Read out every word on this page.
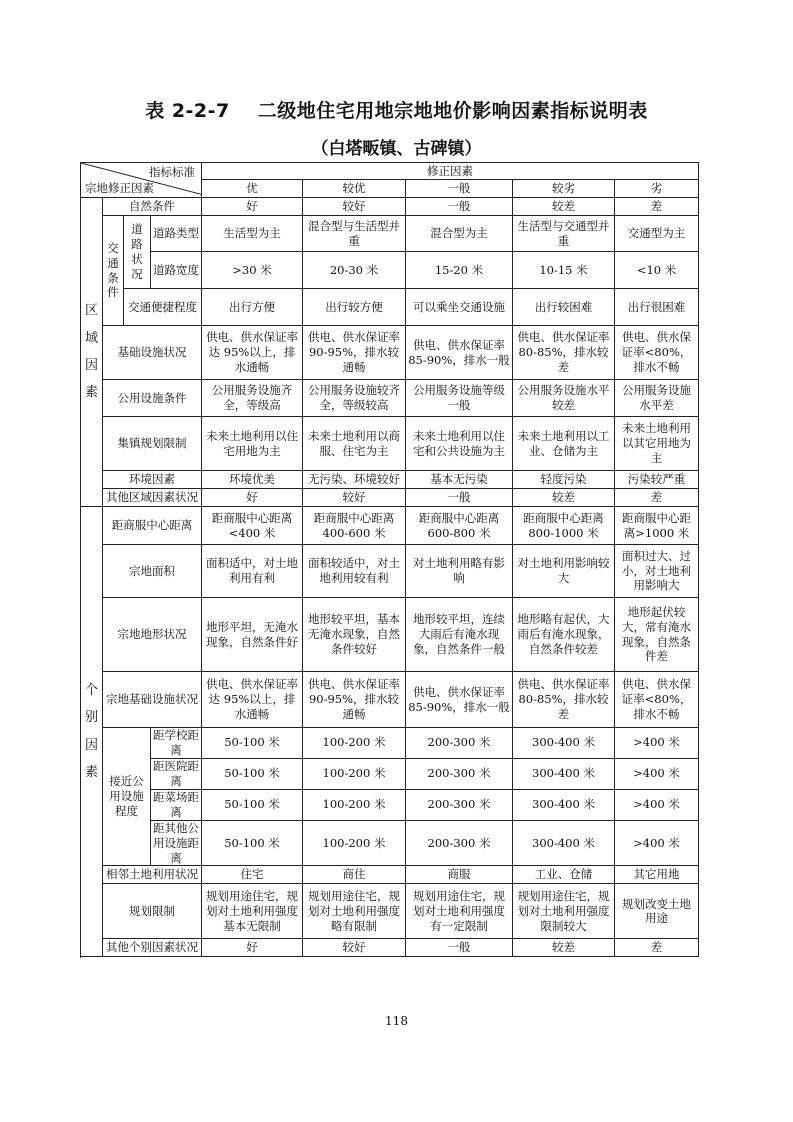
表 2-2-7 二级地住宅用地宗地地价影响因素指标说明表
（白塔畈镇、古碑镇）
指标标准
宗地修正因素				修正因素				
				优	较优	一般	较劣	劣
区
域
因
素	自然条件			好	较好	一般	较差	差
	交通条件	道路状况	道路类型	生活型为主	混合型与生活型并重	混合型为主	生活型与交通型并重	交通型为主
			道路宽度	>30 米	20-30 米	15-20 米	10-15 米	<10 米
		交通便捷程度		出行方便	出行较方便	可以乘坐交通设施	出行较困难	出行很困难
	基础设施状况			供电、供水保证率达 95%以上，排水通畅	供电、供水保证率 90-95%，排水较通畅	供电、供水保证率 85-90%，排水一般	供电、供水保证率 80-85%，排水较差	供电、供水保证率<80%，排水不畅
	公用设施条件			公用服务设施齐全，等级高	公用服务设施较齐全，等级较高	公用服务设施等级一般	公用服务设施水平较差	公用服务设施水平差
	集镇规划限制			未来土地利用以住宅用地为主	未来土地利用以商服、住宅为主	未来土地利用以住宅和公共设施为主	未来土地利用以工业、仓储为主	未来土地利用以其它用地为主
	环境因素			环境优美	无污染、环境较好	基本无污染	轻度污染	污染较严重
	其他区域因素状况			好	较好	一般	较差	差

个
别
因
素	距商服中心距离			距商服中心距离<400 米	距商服中心距离 400-600 米	距商服中心距离 600-800 米	距商服中心距离 800-1000 米	距商服中心距离>1000 米
	宗地面积			面积适中，对土地利用有利	面积较适中，对土地利用较有利	对土地利用略有影响	对土地利用影响较大	面积过大、过小，对土地利用影响大
	宗地地形状况			地形平坦，无淹水现象，自然条件好	地形较平坦，基本无淹水现象，自然条件较好	地形较平坦，连续大雨后有淹水现象，自然条件一般	地形略有起伏，大雨后有淹水现象，自然条件较差	地形起伏较大，常有淹水现象，自然条件差
	宗地基础设施状况			供电、供水保证率达 95%以上，排水通畅	供电、供水保证率 90-95%，排水较通畅	供电、供水保证率 85-90%，排水一般	供电、供水保证率 80-85%，排水较差	供电、供水保证率<80%，排水不畅
	接近公用设施程度		距学校距离	50-100 米	100-200 米	200-300 米	300-400 米	>400 米
			距医院距离	50-100 米	100-200 米	200-300 米	300-400 米	>400 米
			距菜场距离	50-100 米	100-200 米	200-300 米	300-400 米	>400 米
			距其他公用设施距离	50-100 米	100-200 米	200-300 米	300-400 米	>400 米
	相邻土地利用状况			住宅	商住	商服	工业、仓储	其它用地
	规划限制			规划用途住宅，规划对土地利用强度基本无限制	规划用途住宅，规划对土地利用强度略有限制	规划用途住宅，规划对土地利用强度有一定限制	规划用途住宅，规划对土地利用强度限制较大	规划改变土地用途
	其他个别因素状况			好	较好	一般	较差	差

118
